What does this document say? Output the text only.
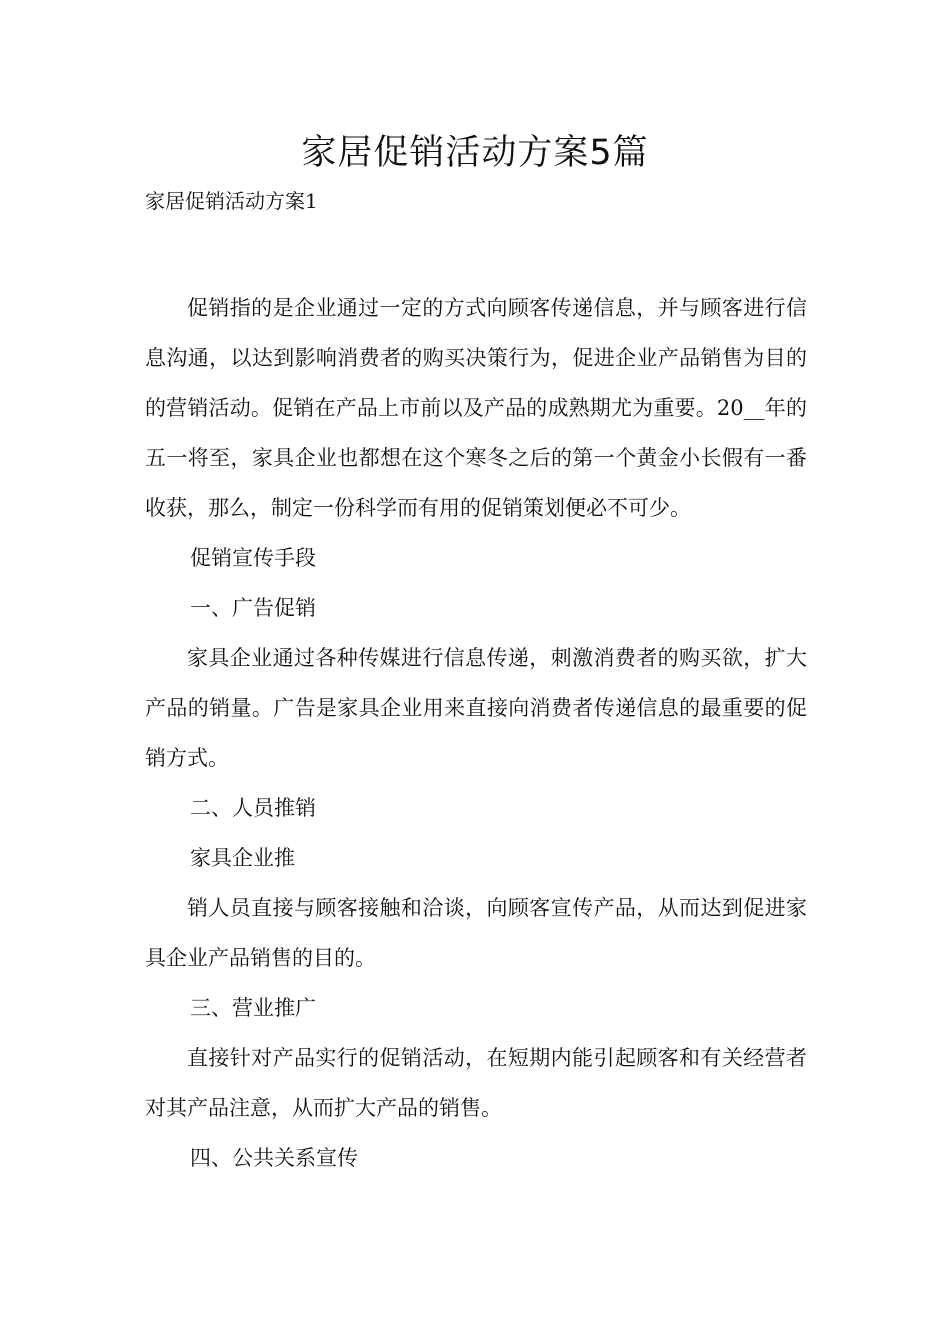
家居促销活动方案5篇

家居促销活动方案1

促销指的是企业通过一定的方式向顾客传递信息，并与顾客进行信息沟通，以达到影响消费者的购买决策行为，促进企业产品销售为目的的营销活动。促销在产品上市前以及产品的成熟期尤为重要。20__年的五一将至，家具企业也都想在这个寒冬之后的第一个黄金小长假有一番收获，那么，制定一份科学而有用的促销策划便必不可少。

促销宣传手段

一、广告促销

家具企业通过各种传媒进行信息传递，刺激消费者的购买欲，扩大产品的销量。广告是家具企业用来直接向消费者传递信息的最重要的促销方式。

二、人员推销

家具企业推

销人员直接与顾客接触和洽谈，向顾客宣传产品，从而达到促进家具企业产品销售的目的。

三、营业推广

直接针对产品实行的促销活动，在短期内能引起顾客和有关经营者对其产品注意，从而扩大产品的销售。

四、公共关系宣传
